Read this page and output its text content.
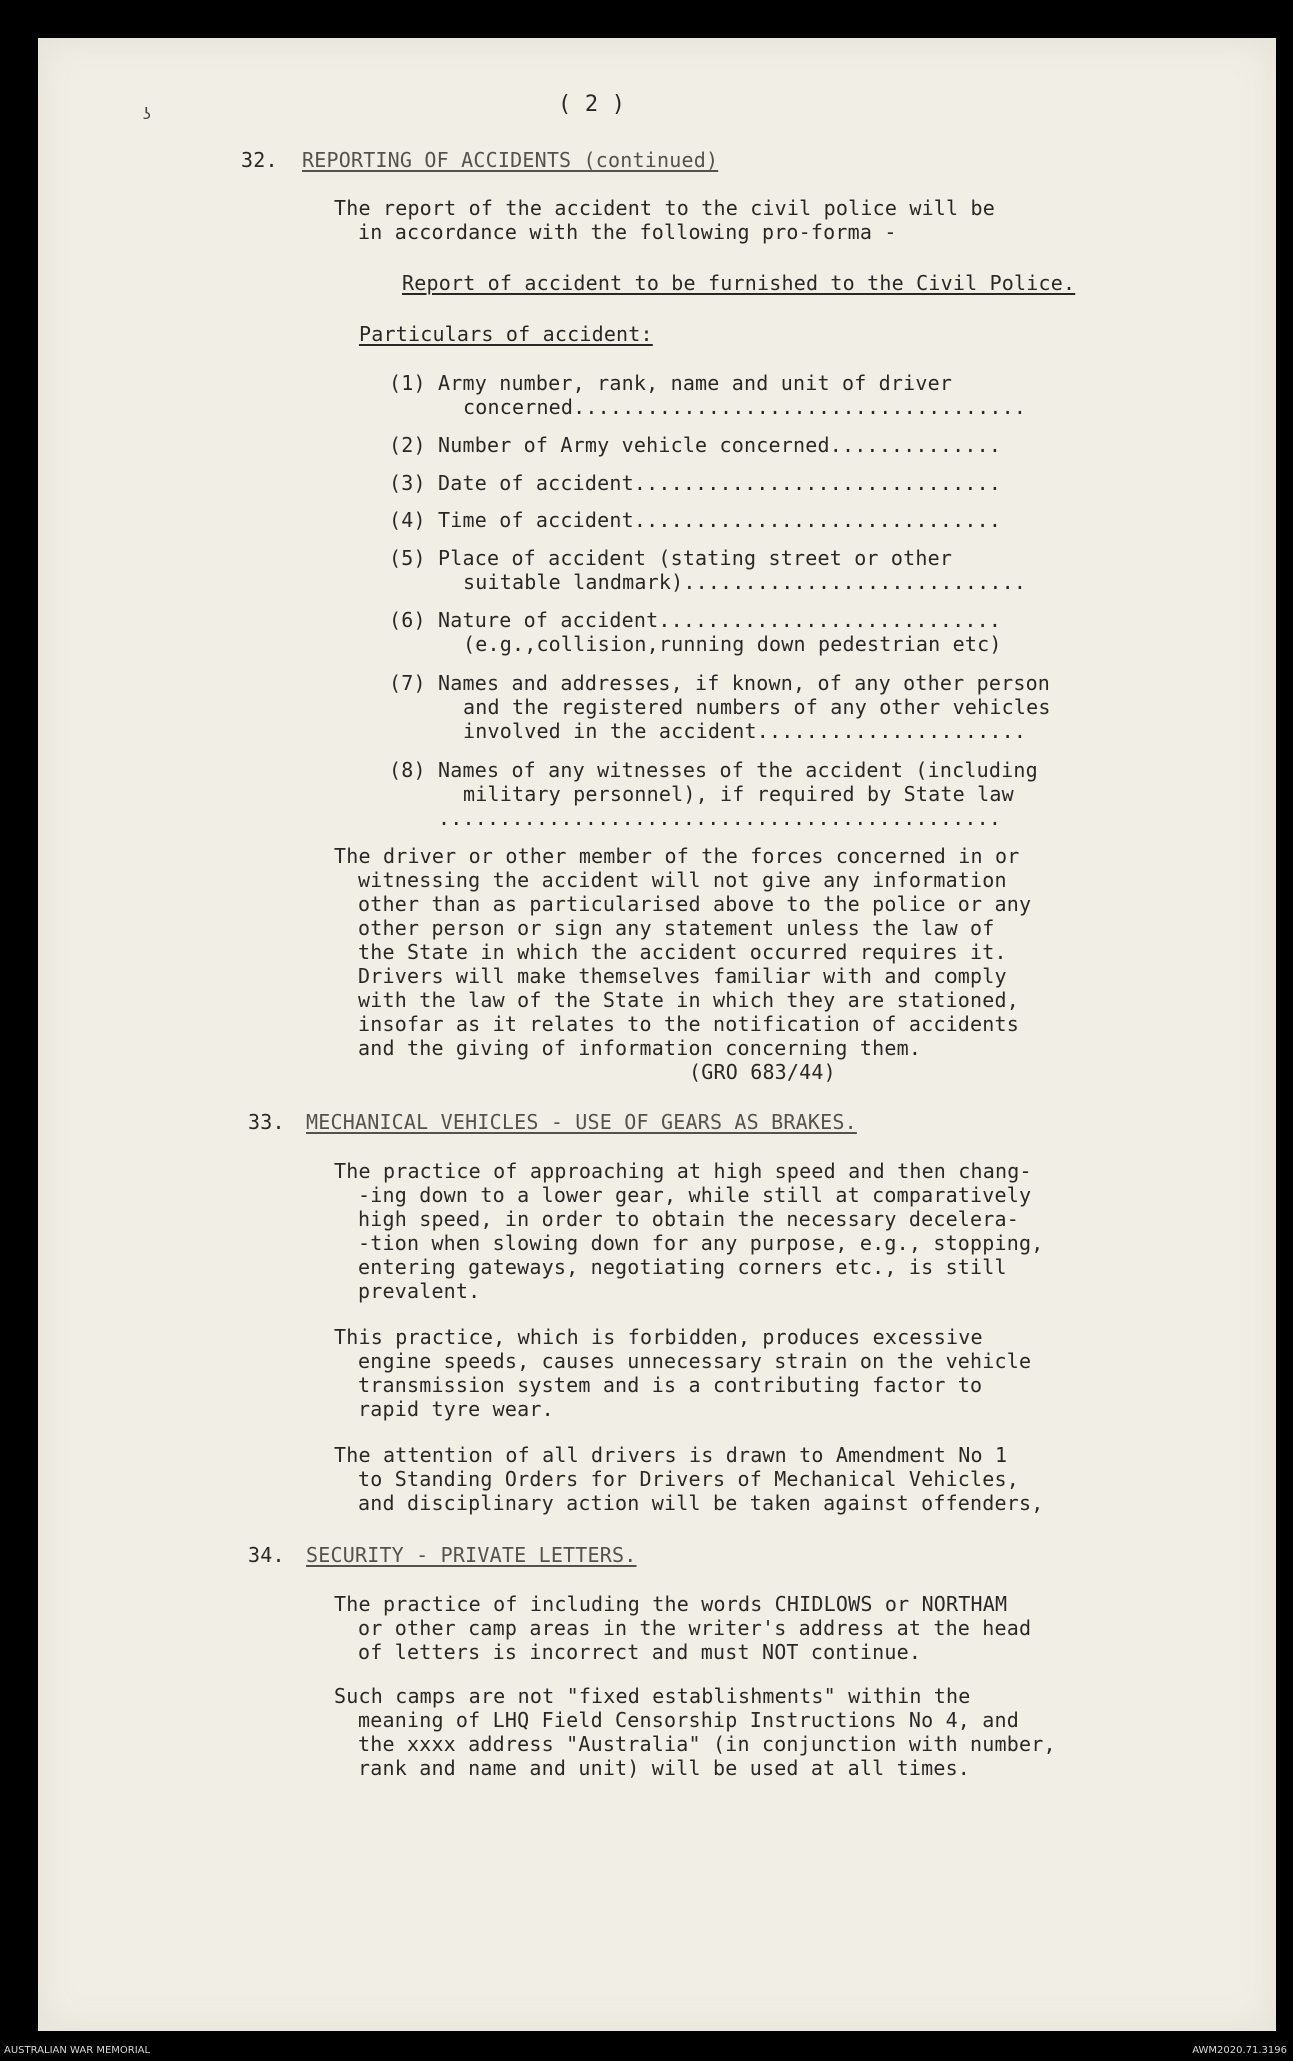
ʖ	( 2 )
32. REPORTING OF ACCIDENTS (continued)
The report of the accident to the civil police will be
in accordance with the following pro-forma -
Report of accident to be furnished to the Civil Police.
Particulars of accident:
(1) Army number, rank, name and unit of driver
concerned.....................................
(2) Number of Army vehicle concerned..............
(3) Date of accident..............................
(4) Time of accident..............................
(5) Place of accident (stating street or other
suitable landmark)............................
(6) Nature of accident............................
(e.g.,collision,running down pedestrian etc)
(7) Names and addresses, if known, of any other person
and the registered numbers of any other vehicles
involved in the accident......................
(8) Names of any witnesses of the accident (including
military personnel), if required by State law
..............................................
The driver or other member of the forces concerned in or
witnessing the accident will not give any information
other than as particularised above to the police or any
other person or sign any statement unless the law of
the State in which the accident occurred requires it.
Drivers will make themselves familiar with and comply
with the law of the State in which they are stationed,
insofar as it relates to the notification of accidents
and the giving of information concerning them.
(GRO 683/44)
33. MECHANICAL VEHICLES - USE OF GEARS AS BRAKES.
The practice of approaching at high speed and then chang-
-ing down to a lower gear, while still at comparatively
high speed, in order to obtain the necessary decelera-
-tion when slowing down for any purpose, e.g., stopping,
entering gateways, negotiating corners etc., is still
prevalent.
This practice, which is forbidden, produces excessive
engine speeds, causes unnecessary strain on the vehicle
transmission system and is a contributing factor to
rapid tyre wear.
The attention of all drivers is drawn to Amendment No 1
to Standing Orders for Drivers of Mechanical Vehicles,
and disciplinary action will be taken against offenders,
34. SECURITY - PRIVATE LETTERS.
The practice of including the words CHIDLOWS or NORTHAM
or other camp areas in the writer's address at the head
of letters is incorrect and must NOT continue.
Such camps are not "fixed establishments" within the
meaning of LHQ Field Censorship Instructions No 4, and
the xxxx address "Australia" (in conjunction with number,
rank and name and unit) will be used at all times.
AUSTRALIAN WAR MEMORIAL	AWM2020.71.3196
